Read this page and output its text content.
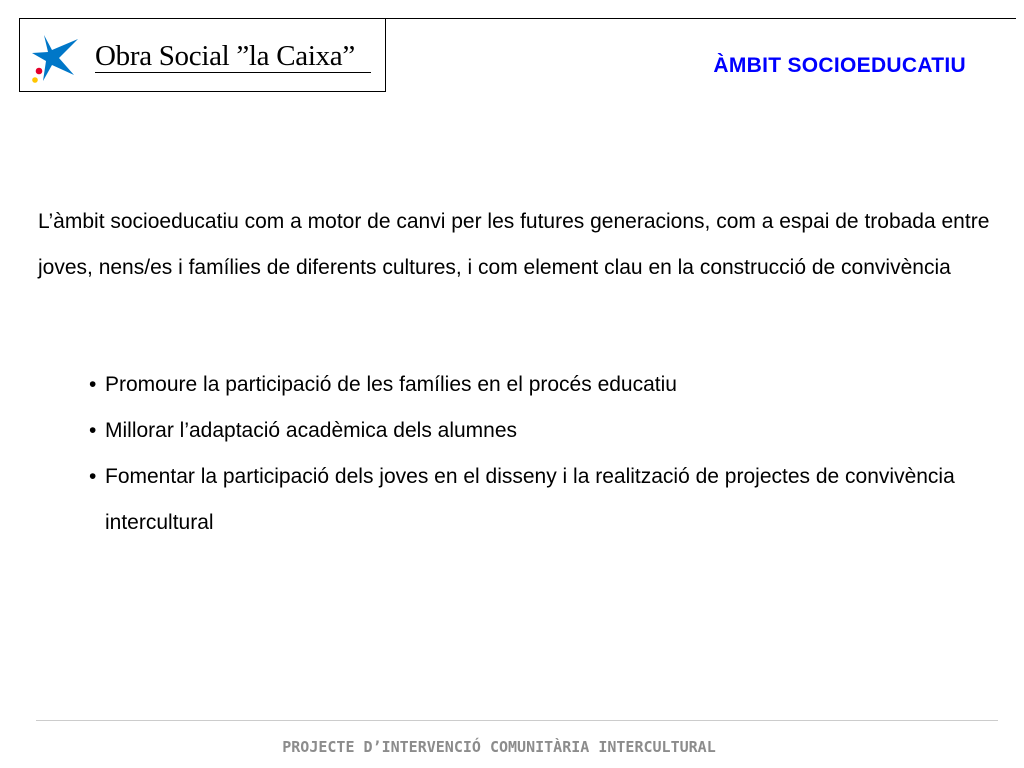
Obra Social ”la Caixa”	ÀMBIT SOCIOEDUCATIU

L’àmbit socioeducatiu com a motor de canvi per les futures generacions, com a espai de trobada entre joves, nens/es i famílies de diferents cultures, i com element clau en la construcció de convivència

• Promoure la participació de les famílies en el procés educatiu
• Millorar l’adaptació acadèmica dels alumnes
• Fomentar la participació dels joves en el disseny i la realització de projectes de convivència intercultural
PROJECTE D’INTERVENCIÓ COMUNITÀRIA INTERCULTURAL
